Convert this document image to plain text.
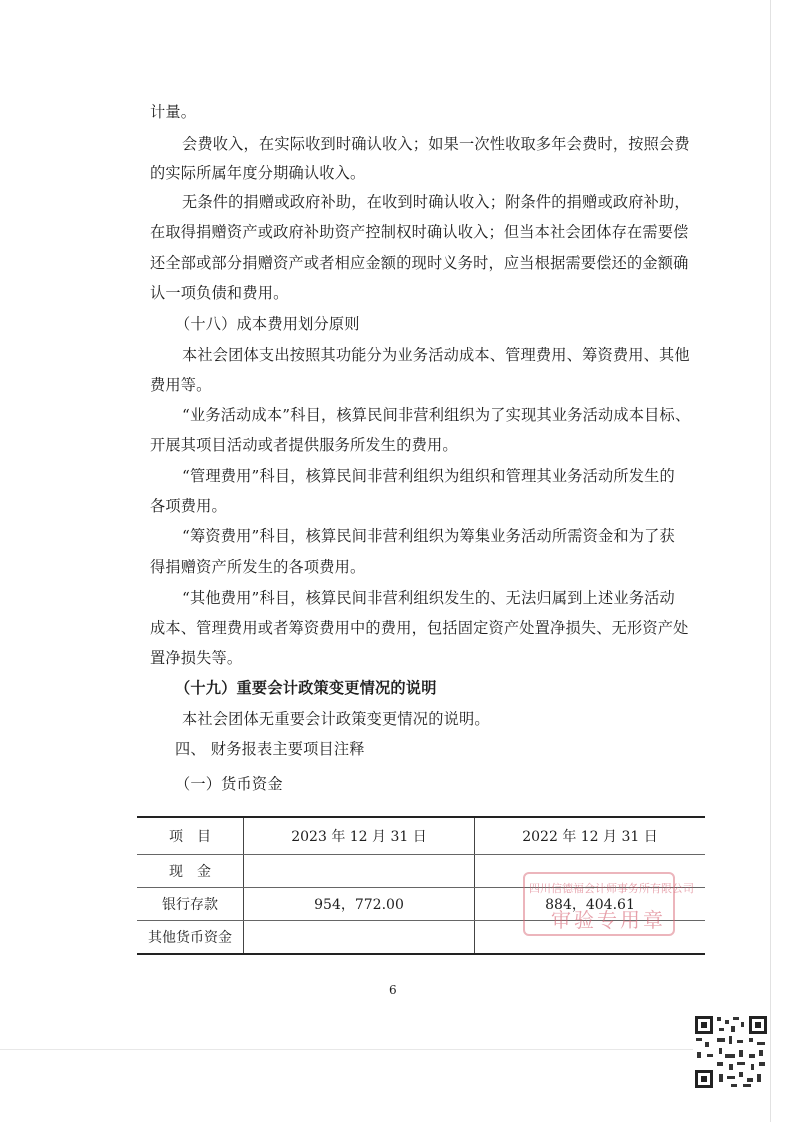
计量。
会费收入，在实际收到时确认收入；如果一次性收取多年会费时，按照会费
的实际所属年度分期确认收入。
无条件的捐赠或政府补助，在收到时确认收入；附条件的捐赠或政府补助，
在取得捐赠资产或政府补助资产控制权时确认收入；但当本社会团体存在需要偿
还全部或部分捐赠资产或者相应金额的现时义务时，应当根据需要偿还的金额确
认一项负债和费用。
（十八）成本费用划分原则
本社会团体支出按照其功能分为业务活动成本、管理费用、筹资费用、其他
费用等。
“业务活动成本”科目，核算民间非营利组织为了实现其业务活动成本目标、
开展其项目活动或者提供服务所发生的费用。
“管理费用”科目，核算民间非营利组织为组织和管理其业务活动所发生的
各项费用。
“筹资费用”科目，核算民间非营利组织为筹集业务活动所需资金和为了获
得捐赠资产所发生的各项费用。
“其他费用”科目，核算民间非营利组织发生的、无法归属到上述业务活动
成本、管理费用或者筹资费用中的费用，包括固定资产处置净损失、无形资产处
置净损失等。
（十九）重要会计政策变更情况的说明
本社会团体无重要会计政策变更情况的说明。
四、 财务报表主要项目注释
（一）货币资金
项　目	2023 年 12 月 31 日	2022 年 12 月 31 日
现　金		
银行存款	954，772.00	884，404.61
其他货币资金		
四川信德福会计师事务所有限公司
审验专用章
6
